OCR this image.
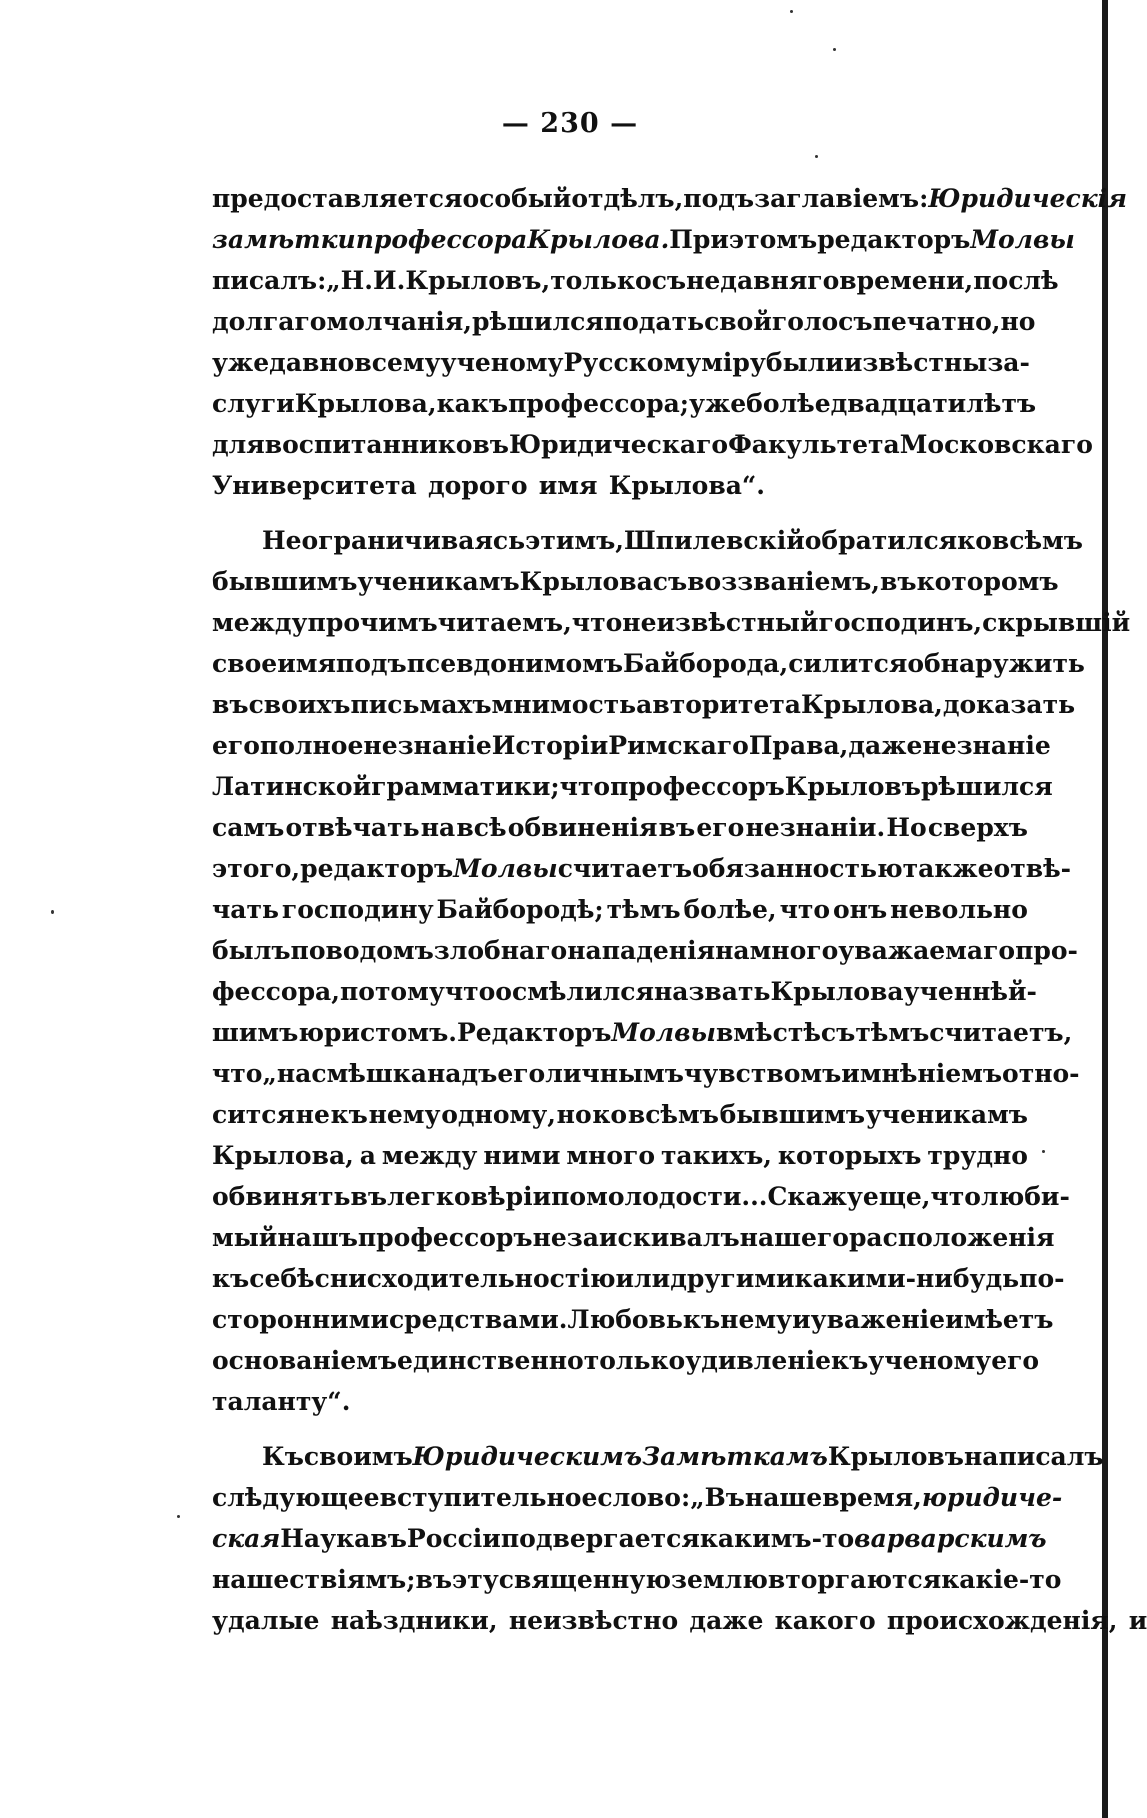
— 230 —
предоставляется особый отдѣлъ, подъ заглавіемъ: Юридическія
замѣтки профессора Крылова. При этомъ редакторъ Молвы
писалъ: „Н. И. Крыловъ, только съ недавняго времени, послѣ
долгаго молчанія, рѣшился подать свой голосъ печатно, но
уже давно всему ученому Русскому міру были извѣстны за-
слуги Крылова, какъ профессора; уже болѣе двадцати лѣтъ
для воспитанниковъ Юридическаго Факультета Московскаго
Университета дорого имя Крылова“.
Не ограничиваясь этимъ, Шпилевскій обратился ко всѣмъ
бывшимъ ученикамъ Крылова съ воззваніемъ, въ которомъ
между прочимъ читаемъ, что неизвѣстный господинъ, скрывшій
свое имя подъ псевдонимомъ Байборода, силится обнаружить
въ своихъ письмахъ мнимость авторитета Крылова, доказать
его полное незнаніе Исторіи Римскаго Права, даже незнаніе
Латинской грамматики; что профессоръ Крыловъ рѣшился
самъ отвѣчать на всѣ обвиненія въ его незнаніи. Но сверхъ
этого, редакторъ Молвы считаетъ обязанностью также отвѣ-
чать господину Байбородѣ; тѣмъ болѣе, что онъ невольно
былъ поводомъ злобнаго нападенія на многоуважаемаго про-
фессора, потому что осмѣлился назвать Крылова ученнѣй-
шимъ юристомъ. Редакторъ Молвы вмѣстѣ съ тѣмъ считаетъ,
что „насмѣшка надъ его личнымъ чувствомъ и мнѣніемъ отно-
сится не къ нему одному, но ко всѣмъ бывшимъ ученикамъ
Крылова, а между ними много такихъ, которыхъ трудно
обвинять въ легковѣріи по молодости... Скажу еще, что люби-
мый нашъ профессоръ не заискивалъ нашего расположенія
къ себѣ снисходительностію или другими какими-нибудь по-
сторонними средствами. Любовь къ нему и уваженіе имѣетъ
основаніемъ единственно только удивленіе къ ученому его
таланту“.
Къ своимъ Юридическимъ Замѣткамъ Крыловъ написалъ
слѣдующее вступительное слово: „Въ наше время, юридиче-
ская Наука въ Россіи подвергается какимъ-то варварскимъ
нашествіямъ; въ эту священную землю вторгаются какіе-то
удалые наѣздники, неизвѣстно даже какого происхожденія, и
